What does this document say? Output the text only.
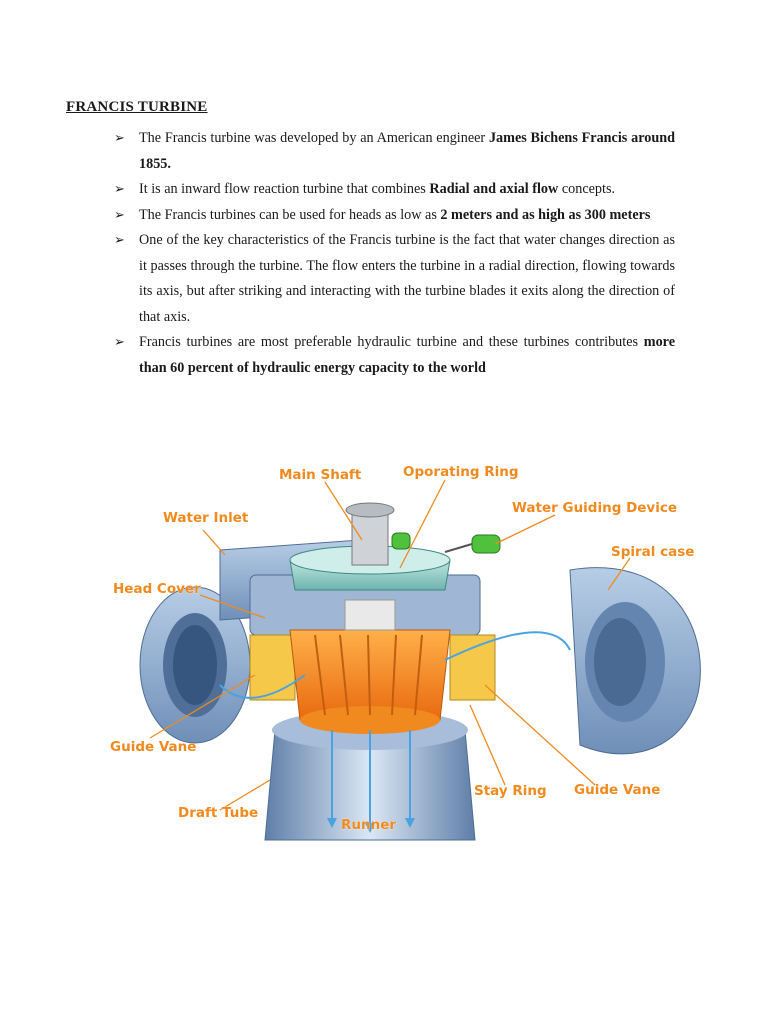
FRANCIS TURBINE
➢ The Francis turbine was developed by an American engineer James Bichens Francis around 1855.

➢ It is an inward flow reaction turbine that combines Radial and axial flow concepts.

➢ The Francis turbines can be used for heads as low as 2 meters and as high as 300 meters

➢ One of the key characteristics of the Francis turbine is the fact that water changes direction as it passes through the turbine. The flow enters the turbine in a radial direction, flowing towards its axis, but after striking and interacting with the turbine blades it exits along the direction of that axis.

➢ Francis turbines are most preferable hydraulic turbine and these turbines contributes more than 60 percent of hydraulic energy capacity to the world

Main Shaft	Oporating Ring
Water Inlet
Water Guiding Device
Spiral case
Head Cover
Guide Vane
Stay Ring Guide Vane
Draft Tube
Runner
